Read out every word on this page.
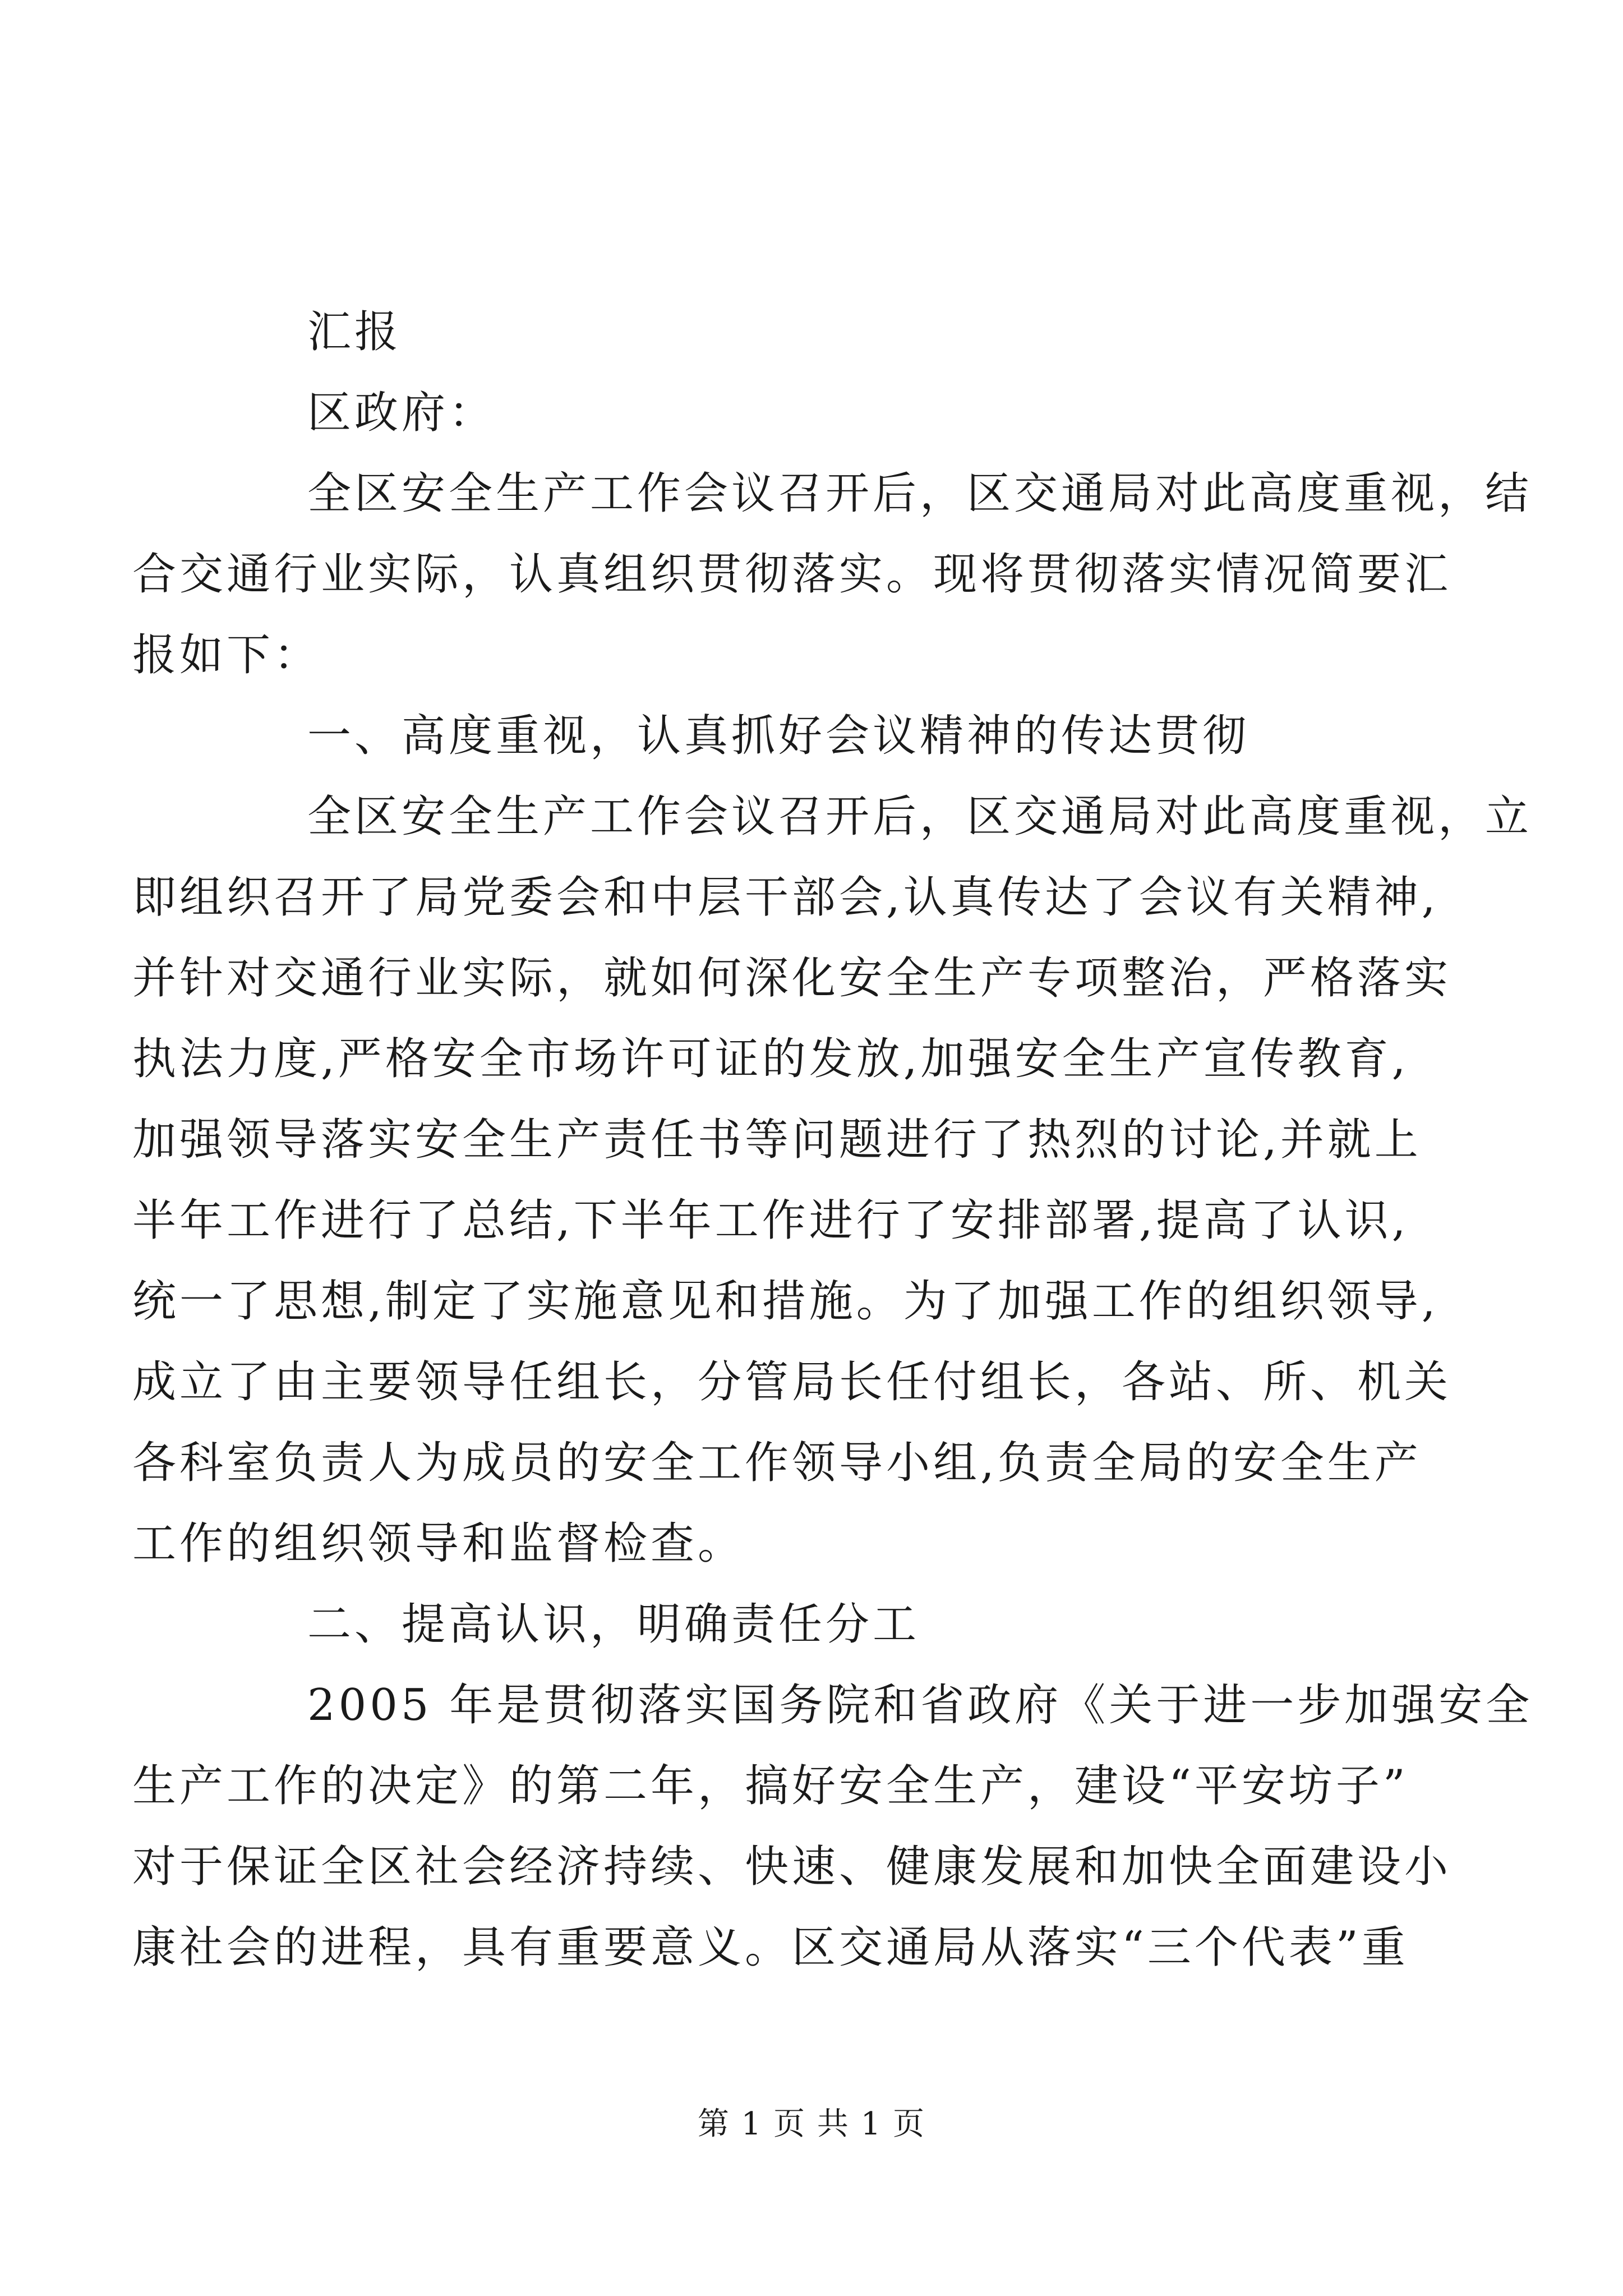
汇报
区政府：
全区安全生产工作会议召开后，区交通局对此高度重视，结
合交通行业实际，认真组织贯彻落实。现将贯彻落实情况简要汇
报如下：
一、高度重视，认真抓好会议精神的传达贯彻
全区安全生产工作会议召开后，区交通局对此高度重视，立
即组织召开了局党委会和中层干部会,认真传达了会议有关精神,
并针对交通行业实际，就如何深化安全生产专项整治，严格落实
执法力度,严格安全市场许可证的发放,加强安全生产宣传教育,
加强领导落实安全生产责任书等问题进行了热烈的讨论,并就上
半年工作进行了总结,下半年工作进行了安排部署,提高了认识,
统一了思想,制定了实施意见和措施。为了加强工作的组织领导,
成立了由主要领导任组长，分管局长任付组长，各站、所、机关
各科室负责人为成员的安全工作领导小组,负责全局的安全生产
工作的组织领导和监督检查。
二、提高认识，明确责任分工
2005 年是贯彻落实国务院和省政府《关于进一步加强安全
生产工作的决定》的第二年，搞好安全生产，建设“平安坊子”
对于保证全区社会经济持续、快速、健康发展和加快全面建设小
康社会的进程，具有重要意义。区交通局从落实“三个代表”重
第 1 页 共 1 页
